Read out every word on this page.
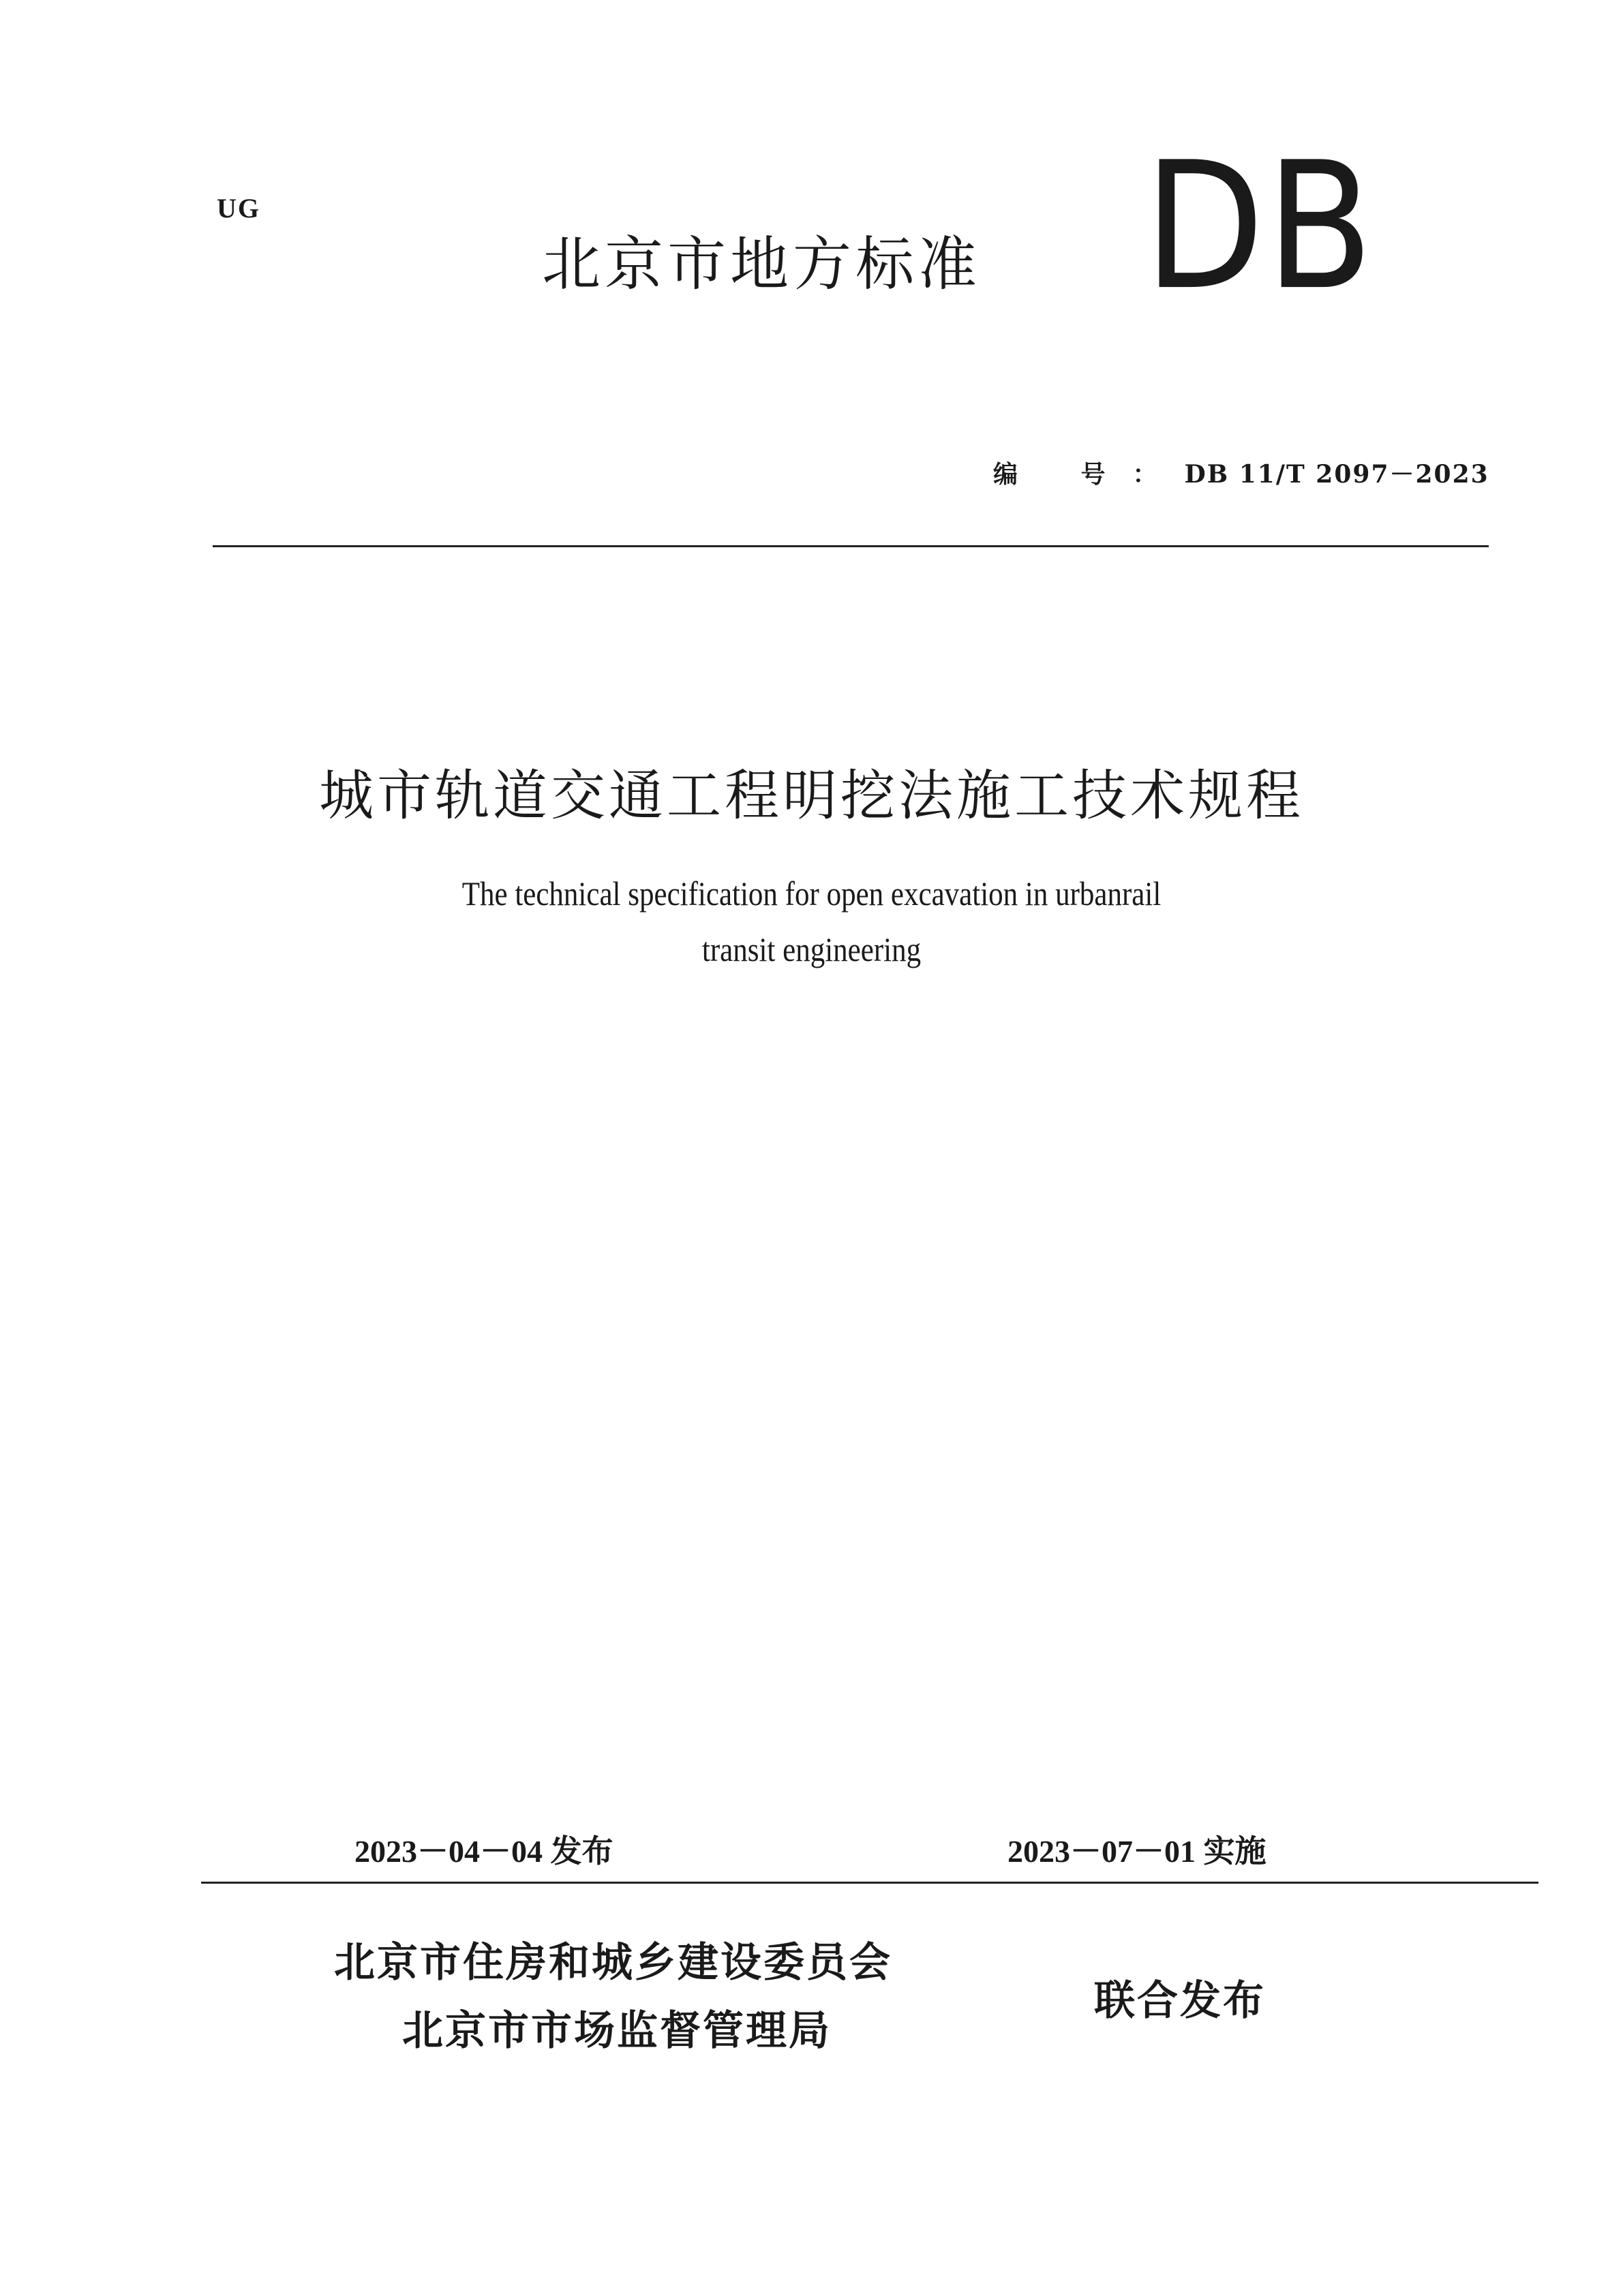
UG
北京市地方标准 DB
编 号：DB 11/T 2097－2023
城市轨道交通工程明挖法施工技术规程
The technical specification for open excavation in urbanrail
transit engineering
2023－04－04 发布	2023－07－01 实施
北京市住房和城乡建设委员会
北京市市场监督管理局
联合发布
